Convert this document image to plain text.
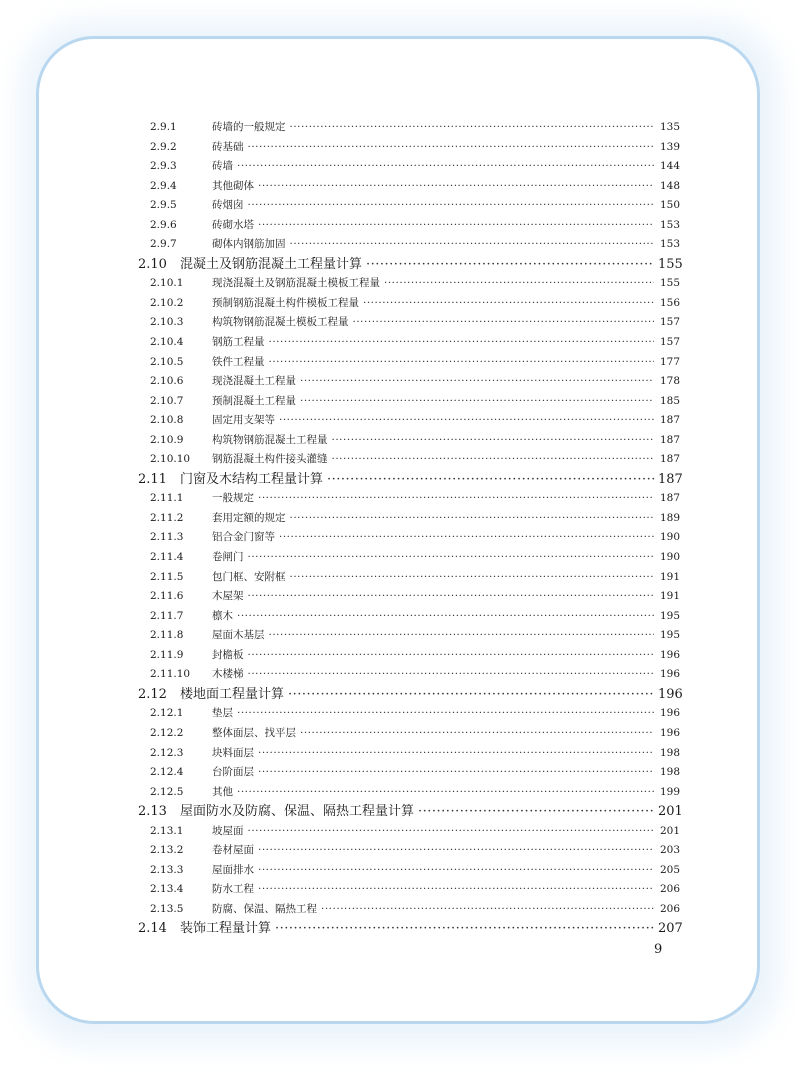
2.9.1	砖墙的一般规定 ·····	135
2.9.2	砖基础 ·····	139
2.9.3	砖墙 ·····	144
2.9.4	其他砌体 ·····	148
2.9.5	砖烟囱 ·····	150
2.9.6	砖砌水塔 ·····	153
2.9.7	砌体内钢筋加固 ·····	153
2.10	混凝土及钢筋混凝土工程量计算 ·····	155
2.10.1	现浇混凝土及钢筋混凝土模板工程量 ·····	155
2.10.2	预制钢筋混凝土构件模板工程量 ·····	156
2.10.3	构筑物钢筋混凝土模板工程量 ·····	157
2.10.4	钢筋工程量 ·····	157
2.10.5	铁件工程量 ·····	177
2.10.6	现浇混凝土工程量 ·····	178
2.10.7	预制混凝土工程量 ·····	185
2.10.8	固定用支架等 ·····	187
2.10.9	构筑物钢筋混凝土工程量 ·····	187
2.10.10	钢筋混凝土构件接头灌缝 ·····	187
2.11	门窗及木结构工程量计算 ·····	187
2.11.1	一般规定 ·····	187
2.11.2	套用定额的规定 ·····	189
2.11.3	铝合金门窗等 ·····	190
2.11.4	卷闸门 ·····	190
2.11.5	包门框、安附框 ·····	191
2.11.6	木屋架 ·····	191
2.11.7	檩木 ·····	195
2.11.8	屋面木基层 ·····	195
2.11.9	封檐板 ·····	196
2.11.10	木楼梯 ·····	196
2.12	楼地面工程量计算 ·····	196
2.12.1	垫层 ·····	196
2.12.2	整体面层、找平层 ·····	196
2.12.3	块料面层 ·····	198
2.12.4	台阶面层 ·····	198
2.12.5	其他 ·····	199
2.13	屋面防水及防腐、保温、隔热工程量计算 ·····	201
2.13.1	坡屋面 ·····	201
2.13.2	卷材屋面 ·····	203
2.13.3	屋面排水 ·····	205
2.13.4	防水工程 ·····	206
2.13.5	防腐、保温、隔热工程 ·····	206
2.14	装饰工程量计算 ·····	207
9
